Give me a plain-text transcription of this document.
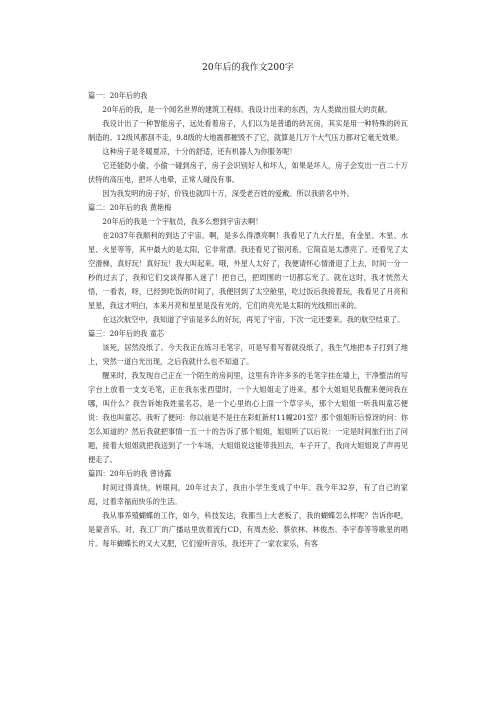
20年后的我作文200字

篇一：20年后的我

20年后的我，是一个闻名世界的建筑工程师。我设计出来的东西，为人类做出很大的贡献。

我设计出了一种智能房子，远处看着房子，人们以为是普通的砖瓦房，其实是用一种特殊的砖瓦制造的。12级风都刮不走，9.8级的大地震都摧毁不了它，就算是几万个大气压力都对它毫无效果。

这种房子是冬暖夏凉，十分的舒适，还有机器人为你服务呢！

它还能防小偷，小偷一碰到房子，房子会识别好人和坏人，如果是坏人，房子会发出一百二十万伏特的高压电，把坏人电晕，正常人碰没有事。

因为我发明的房子好，价钱也就四十万，深受老百姓的爱戴。所以我骄名中外。

篇二：20年后的我 黄艳梅

20年后的我是一个宇航员，我多么想到宇宙去啊！

在2037年我顺利的到达了宇宙。啊，是多么得漂亮啊！我看见了九大行星，有金星、木星、水星、火星等等，其中最大的是太阳，它非常漂。我还看见了银河系，它简直是太漂亮了。还看见了太空滑梯，真好玩！真好玩！我大叫起来。哦，外星人太好了，我便请怀心情滑迎了上去，时间一分一秒的过去了，我和它们交谈得都入迷了！把自己，把周围的一切都忘光了。就在这时，我才恍然大悟，一看表，呀，已经到吃饭的时间了，我便回到了太空舱里，吃过饭后我接着玩，我看见了月亮和星星，我这才明白，本来月亮和星星是没有光的，它们的亮光是太阳的光线照出来的。

在这次航空中，我知道了宇宙是多么的好玩，再见了宇宙，下次一定还要来。我的航空结束了。

篇三：20年后的我 童芯

该死，居然没纸了。今天我正在练习毛笔字，可是写着写着就没纸了，我生气地把本子打到了地上，突然一道白光出现，之后我就什么也不知道了。

醒来时，我发现自己正在一个陌生的房间里，这里有许许多多的毛笔字挂在墙上，干净整洁的写字台上放着一支支毛笔，正在我东张西望时，一个大姐姐走了进来，那个大姐姐见我醒来便问我在哪，叫什么？我告诉她我姓童名芯，是一个心里的心上面一个草字头，那个大姐姐一听我叫童芯便说：我也叫童芯。我听了便问：你以前是不是住在彩虹新村11幢201室？那个姐姐听后惊讶的问：你怎么知道的？然后我就把事情一五一十的告诉了那个姐姐，姐姐听了以后说：一定是时间旅行出了问题，接着大姐姐就把我送到了一个车场，大姐姐说这能带我回去，车子开了，我向大姐姐说了声再见便走了。

篇四：20年后的我 曾诗露

时间过得真快，转眼间，20年过去了，我由小学生变成了中年。我今年32岁，有了自己的家庭，过着幸福而快乐的生活。

我从事养殖蝴蝶的工作，如今，科技发达，我都当上大老板了，我的蝴蝶怎么样呢？告诉你吧，是蒙音乐。对，我工厂的广播站里放着流行CD，有周杰伦、蔡依林、林俊杰、李宇春等等歌星的唱片。每年蝴蝶长的又大又肥，它们爱听音乐，我还开了一家农家乐，有客
